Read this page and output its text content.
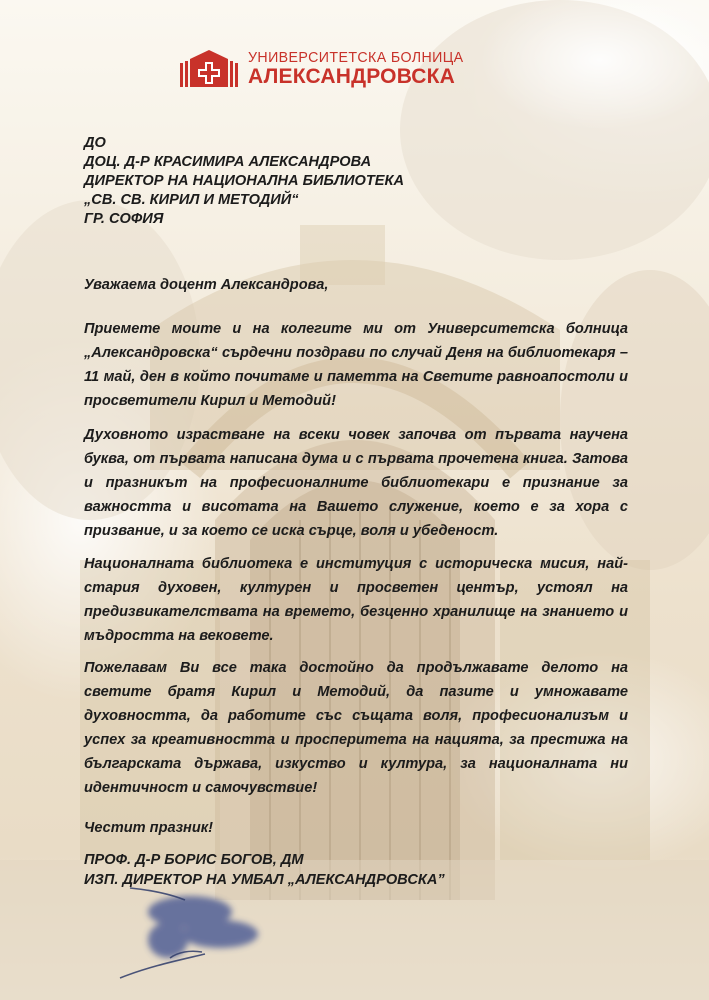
УНИВЕРСИТЕТСКА БОЛНИЦА
АЛЕКСАНДРОВСКА
ДО
ДОЦ. Д-Р КРАСИМИРА АЛЕКСАНДРОВА
ДИРЕКТОР НА НАЦИОНАЛНА БИБЛИОТЕКА
„СВ. СВ. КИРИЛ И МЕТОДИЙ“
ГР. СОФИЯ
Уважаема доцент Александрова,

Приемете моите и на колегите ми от Университетска болница „Александровска“ сърдечни поздрави по случай Деня на библиотекаря – 11 май, ден в който почитаме и паметта на Светите равноапостоли и просветители Кирил и Методий!

Духовното израстване на всеки човек започва от първата научена буква, от първата написана дума и с първата прочетена книга. Затова и празникът на професионалните библиотекари е признание за важността и висотата на Вашето служение, което е за хора с призвание, и за което се иска сърце, воля и убеденост.

Националната библиотека е институция с историческа мисия, най-стария духовен, културен и просветен център, устоял на предизвикателствата на времето, безценно хранилище на знанието и мъдростта на вековете.

Пожелавам Ви все така достойно да продължавате делото на светите братя Кирил и Методий, да пазите и умножавате духовността, да работите със същата воля, професионализъм и успех за креативността и просперитета на нацията, за престижа на българската държава, изкуство и култура, за националната ни идентичност и самочувствие!

Честит празник!
ПРОФ. Д-Р БОРИС БОГОВ, ДМ
ИЗП. ДИРЕКТОР НА УМБАЛ „АЛЕКСАНДРОВСКА”
